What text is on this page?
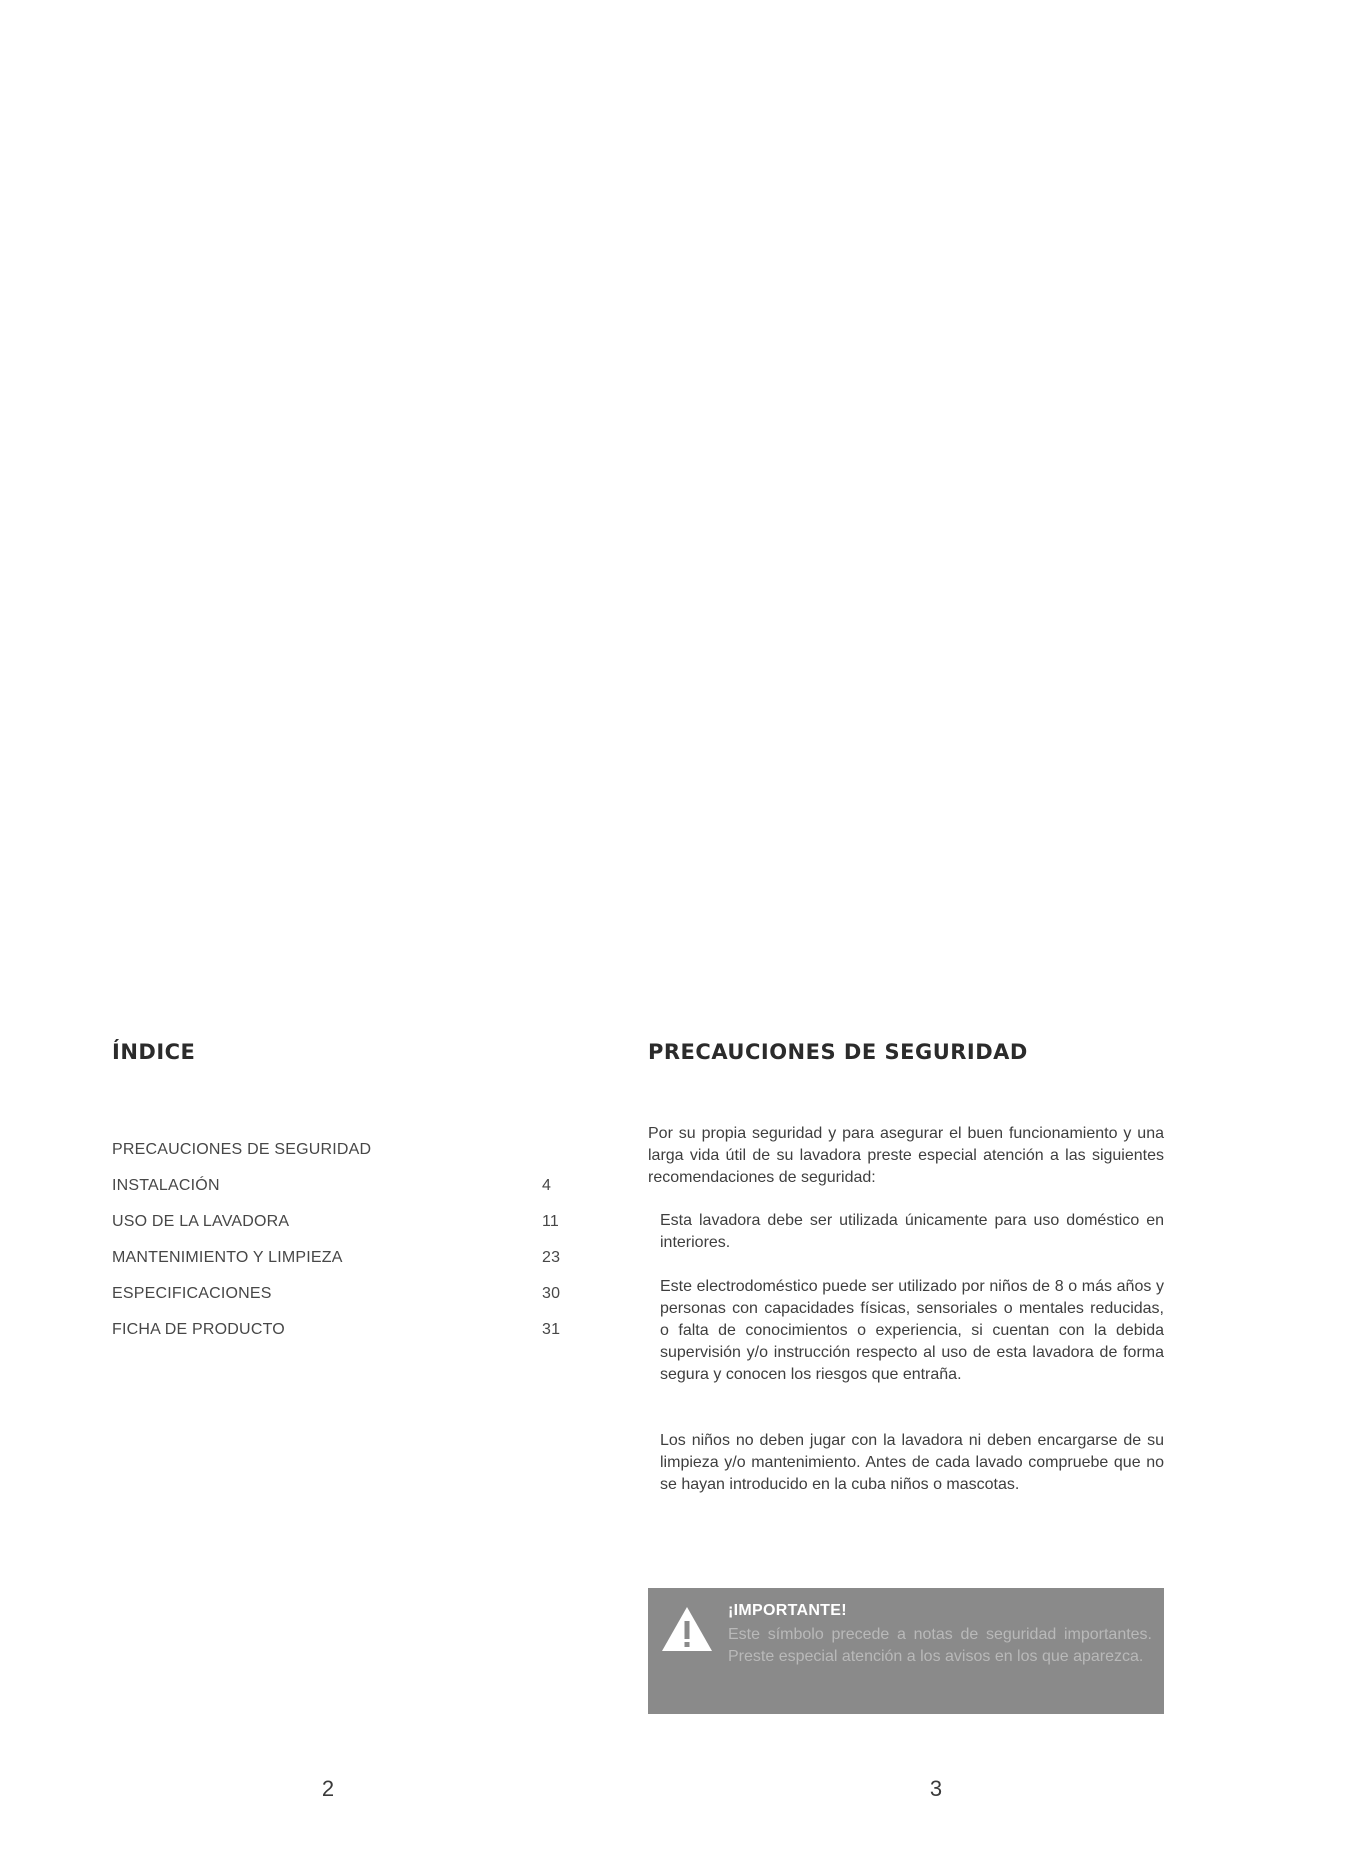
ÍNDICE
PRECAUCIONES DE SEGURIDAD
INSTALACIÓN	4
USO DE LA LAVADORA	11
MANTENIMIENTO Y LIMPIEZA	23
ESPECIFICACIONES	30
FICHA DE PRODUCTO	31
PRECAUCIONES DE SEGURIDAD

Por su propia seguridad y para asegurar el buen funcionamiento y una larga vida útil de su lavadora preste especial atención a las siguientes recomendaciones de seguridad:

Esta lavadora debe ser utilizada únicamente para uso doméstico en interiores.

Este electrodoméstico puede ser utilizado por niños de 8 o más años y personas con capacidades físicas, sensoriales o mentales reducidas, o falta de conocimientos o experiencia, si cuentan con la debida supervisión y/o instrucción respecto al uso de esta lavadora de forma segura y conocen los riesgos que entraña.

Los niños no deben jugar con la lavadora ni deben encargarse de su limpieza y/o mantenimiento. Antes de cada lavado compruebe que no se hayan introducido en la cuba niños o mascotas.

¡IMPORTANTE!

Este símbolo precede a notas de seguridad importantes. Preste especial atención a los avisos en los que aparezca.

2	3
